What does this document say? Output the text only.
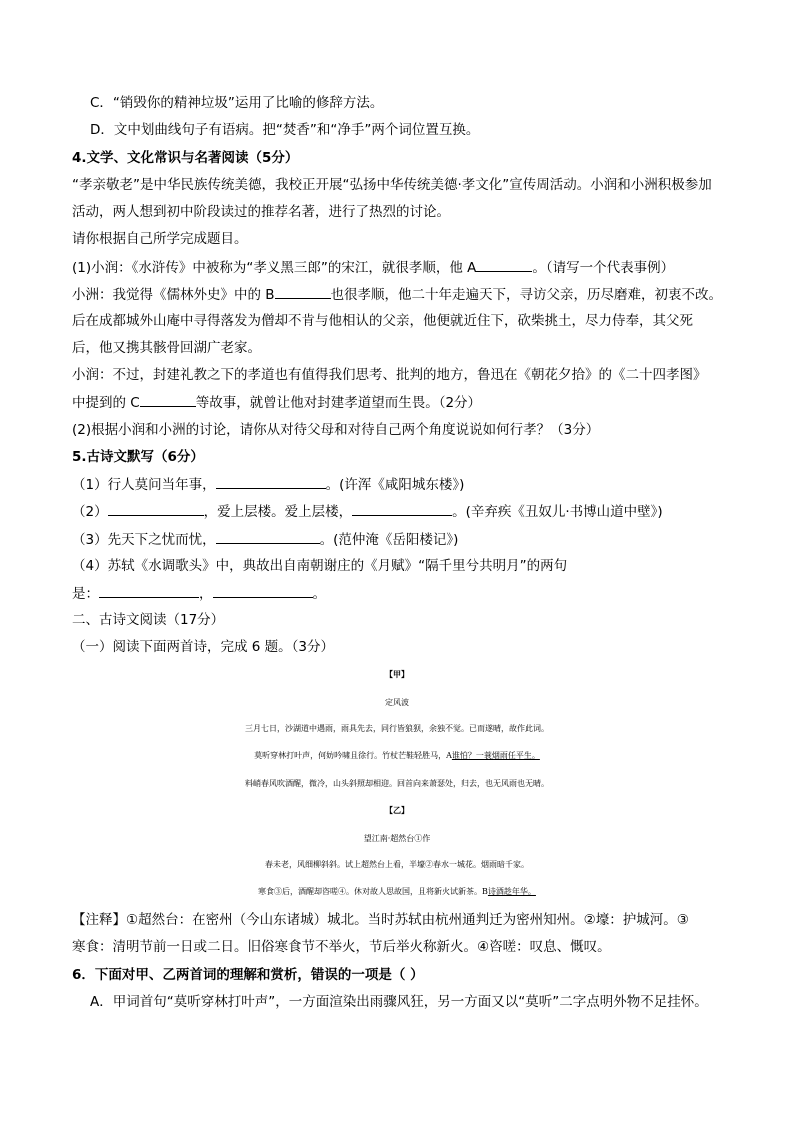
C．“销毁你的精神垃圾”运用了比喻的修辞方法。
D．文中划曲线句子有语病。把“焚香”和“净手”两个词位置互换。
4.文学、文化常识与名著阅读（5分）
“孝亲敬老”是中华民族传统美德，我校正开展“弘扬中华传统美德·孝文化”宣传周活动。小润和小洲积极参加
活动，两人想到初中阶段读过的推荐名著，进行了热烈的讨论。
请你根据自己所学完成题目。
(1)小润：《水浒传》中被称为“孝义黑三郎”的宋江，就很孝顺，他 A	。（请写一个代表事例）
小洲：我觉得《儒林外史》中的 B	也很孝顺，他二十年走遍天下，寻访父亲，历尽磨难，初衷不改。
后在成都城外山庵中寻得落发为僧却不肯与他相认的父亲，他便就近住下，砍柴挑土，尽力侍奉，其父死
后，他又携其骸骨回湖广老家。
小润：不过，封建礼教之下的孝道也有值得我们思考、批判的地方，鲁迅在《朝花夕拾》的《二十四孝图》
中提到的 C	等故事，就曾让他对封建孝道望而生畏。（2分）
(2)根据小润和小洲的讨论，请你从对待父母和对待自己两个角度说说如何行孝？（3分）
5.古诗文默写（6分）
（1）行人莫问当年事，	。(许浑《咸阳城东楼》)
（2）	，爱上层楼。爱上层楼，	。(辛弃疾《丑奴儿·书博山道中壁》)
（3）先天下之忧而忧，	。(范仲淹《岳阳楼记》)
（4）苏轼《水调歌头》中，典故出自南朝谢庄的《月赋》“隔千里兮共明月”的两句
是：	，	。
二、古诗文阅读（17分）
（一）阅读下面两首诗，完成 6 题。（3分）
【甲】
定风波
三月七日，沙湖道中遇雨，雨具先去，同行皆狼狈，余独不觉。已而遂晴，故作此词。
莫听穿林打叶声，何妨吟啸且徐行。竹杖芒鞋轻胜马，A谁怕？一蓑烟雨任平生。
料峭春风吹酒醒，微冷，山头斜照却相迎。回首向来萧瑟处，归去，也无风雨也无晴。
【乙】
望江南·超然台①作
春未老，风细柳斜斜。试上超然台上看，半壕②春水一城花。烟雨暗千家。
寒食③后，酒醒却咨嗟④。休对故人思故国，且将新火试新茶。B诗酒趁年华。
【注释】①超然台：在密州（今山东诸城）城北。当时苏轼由杭州通判迁为密州知州。②壕：护城河。③
寒食：清明节前一日或二日。旧俗寒食节不举火，节后举火称新火。④咨嗟：叹息、慨叹。
6．下面对甲、乙两首词的理解和赏析，错误的一项是（ ）
A．甲词首句“莫听穿林打叶声”，一方面渲染出雨骤风狂，另一方面又以“莫听”二字点明外物不足挂怀。
